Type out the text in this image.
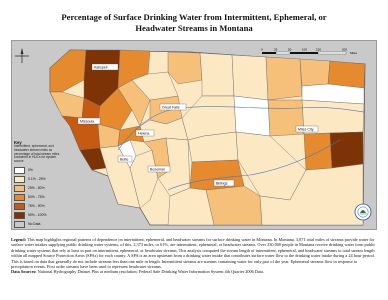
Percentage of Surface Drinking Water from Intermittent, Ephemeral, or Headwater Streams in Montana
Kalispell
Great Falls
Helena
Missoula
Bozeman
Butte
Billings
Miles City
0	25	50	100	150	200
Miles
Key
Intermittent, ephemeral, and headwater stream miles as percentage of total stream miles contained in HUCs for system source
0%
0.1% - 25%
25% - 50%
50% - 75%
75% - 90%
90% - 100%
No Data
Legend: This map highlights regional patterns of dependence on intermittent, ephemeral, and headwater streams for surface drinking water in Montana. In Montana, 3,871 total miles of streams provide water for surface water intakes supplying public drinking water systems; of this, 2,373 miles, or 61%, are intermittent, ephemeral, or headwater streams. Over 230,000 people in Montana receive drinking water from public drinking water systems that rely at least in part on intermittent, ephemeral, or headwater streams. This analysis compared the stream length of intermittent, ephemeral, and headwater streams to total stream length within all mapped Source Protection Areas (SPAs) for each county. A SPA is an area upstream from a drinking water intake that contributes surface water flow to the drinking water intake during a 24 hour period. This is based on data that generally do not include streams less than one mile in length. Intermittent streams are streams containing water for only part of the year. Ephemeral streams flow in response to precipitation events. First order streams have been used to represent headwater streams.
Data Sources: National Hydrography Dataset Plus at medium resolution; Federal Safe Drinking Water Information System 4th Quarter 2006 Data.
